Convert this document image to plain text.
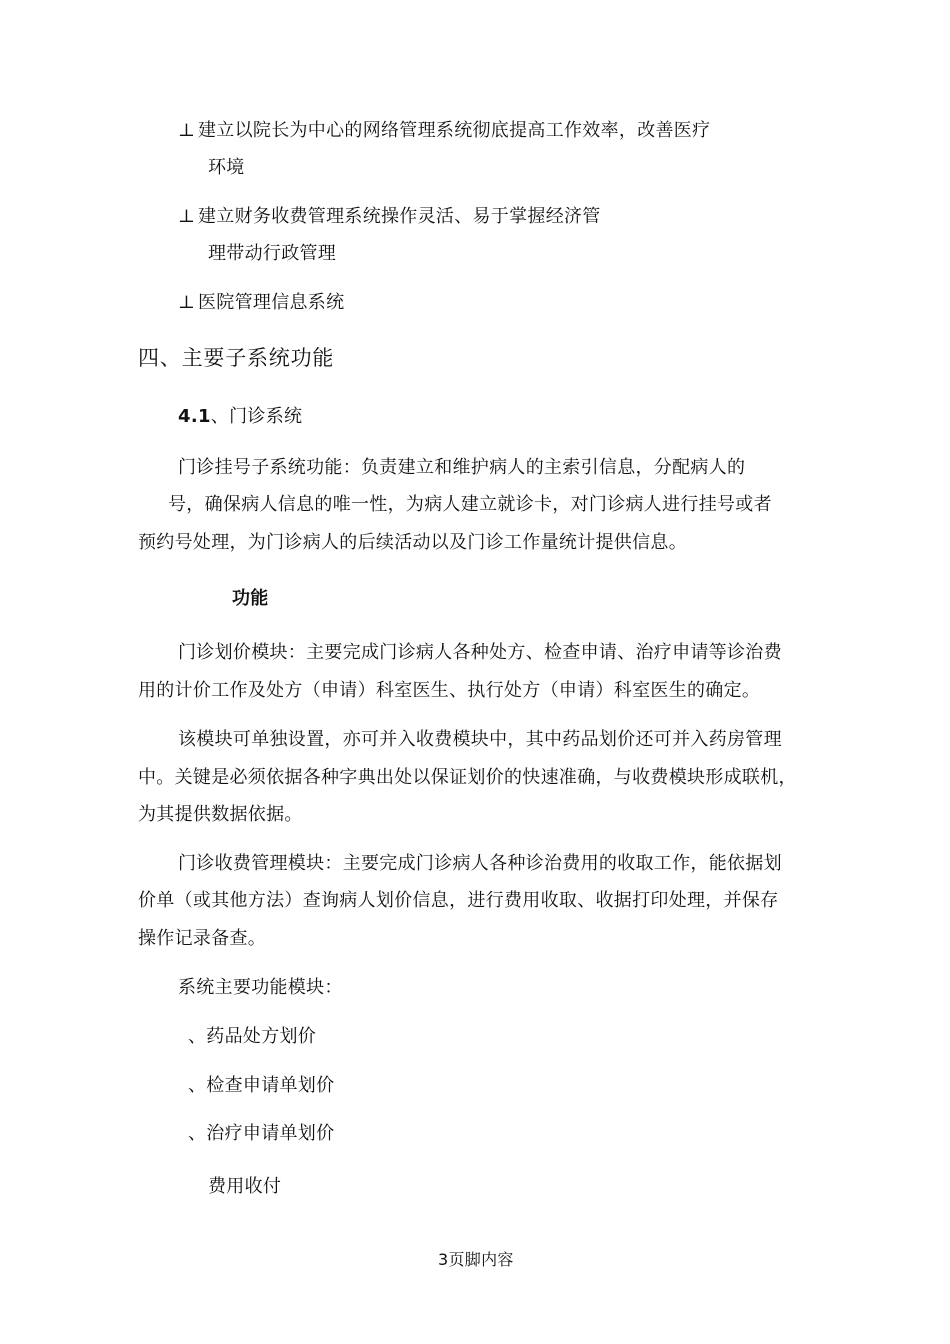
⊥ 建立以院长为中心的网络管理系统彻底提高工作效率，改善医疗
环境
⊥ 建立财务收费管理系统操作灵活、易于掌握经济管
理带动行政管理
⊥ 医院管理信息系统
四、主要子系统功能
4.1、门诊系统
门诊挂号子系统功能：负责建立和维护病人的主索引信息，分配病人的
号，确保病人信息的唯一性，为病人建立就诊卡，对门诊病人进行挂号或者
预约号处理，为门诊病人的后续活动以及门诊工作量统计提供信息。
功能
门诊划价模块：主要完成门诊病人各种处方、检查申请、治疗申请等诊治费
用的计价工作及处方（申请）科室医生、执行处方（申请）科室医生的确定。
该模块可单独设置，亦可并入收费模块中，其中药品划价还可并入药房管理
中。关键是必须依据各种字典出处以保证划价的快速准确，与收费模块形成联机，
为其提供数据依据。
门诊收费管理模块：主要完成门诊病人各种诊治费用的收取工作，能依据划
价单（或其他方法）查询病人划价信息，进行费用收取、收据打印处理，并保存
操作记录备查。
系统主要功能模块：
、药品处方划价
、检查申请单划价
、治疗申请单划价
费用收付
3页脚内容
